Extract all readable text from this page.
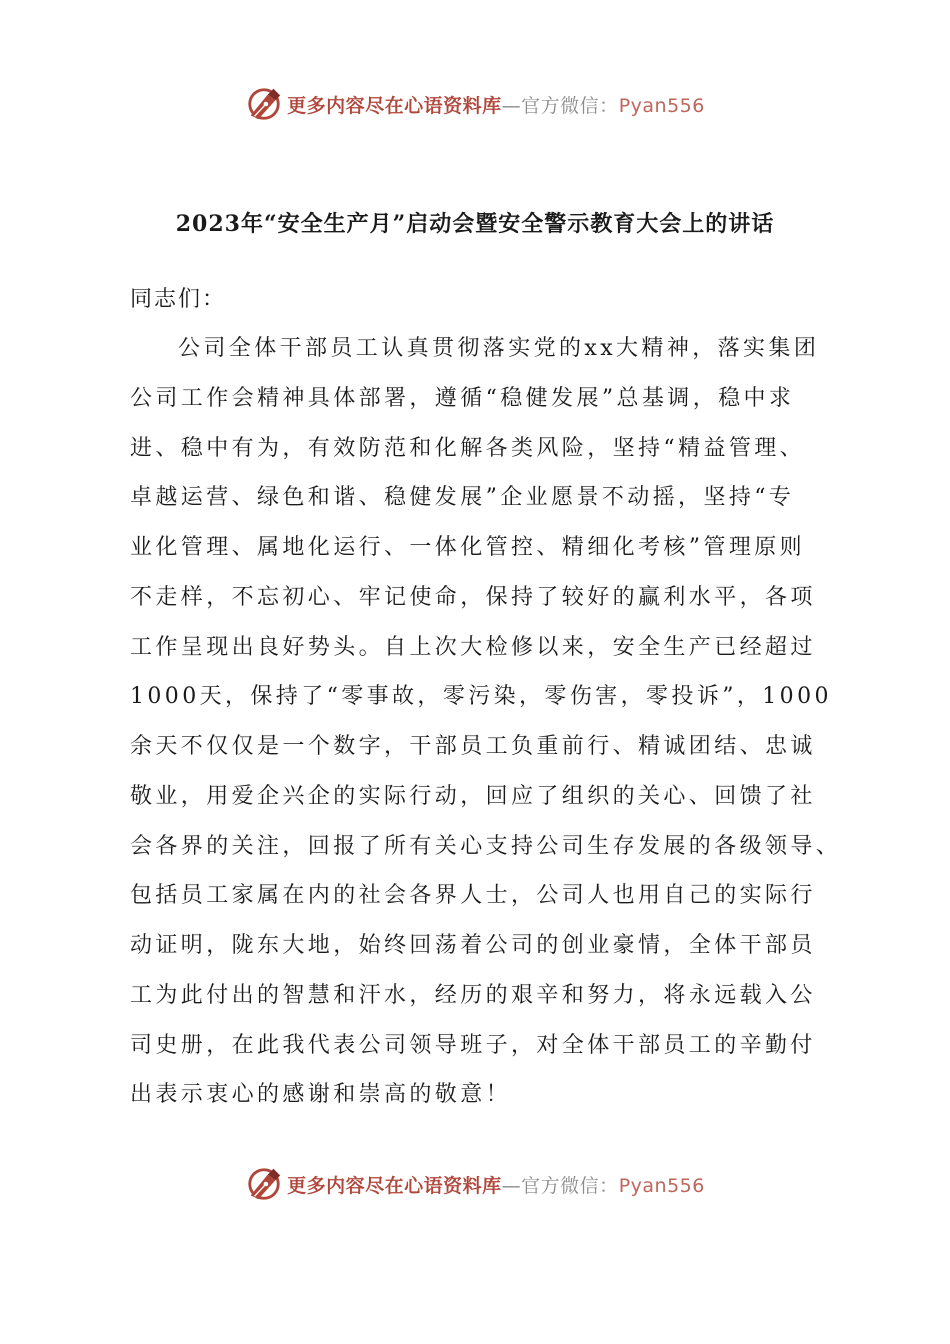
更多内容尽在心语资料库—官方微信：Pyan556
2023年“安全生产月”启动会暨安全警示教育大会上的讲话

同志们：

公司全体干部员工认真贯彻落实党的xx大精神，落实集团
公司工作会精神具体部署，遵循“稳健发展”总基调，稳中求
进、稳中有为，有效防范和化解各类风险，坚持“精益管理、
卓越运营、绿色和谐、稳健发展”企业愿景不动摇，坚持“专
业化管理、属地化运行、一体化管控、精细化考核”管理原则
不走样，不忘初心、牢记使命，保持了较好的赢利水平，各项
工作呈现出良好势头。自上次大检修以来，安全生产已经超过
1000天，保持了“零事故，零污染，零伤害，零投诉”，1000
余天不仅仅是一个数字，干部员工负重前行、精诚团结、忠诚
敬业，用爱企兴企的实际行动，回应了组织的关心、回馈了社
会各界的关注，回报了所有关心支持公司生存发展的各级领导、
包括员工家属在内的社会各界人士，公司人也用自己的实际行
动证明，陇东大地，始终回荡着公司的创业豪情，全体干部员
工为此付出的智慧和汗水，经历的艰辛和努力，将永远载入公
司史册，在此我代表公司领导班子，对全体干部员工的辛勤付
出表示衷心的感谢和崇高的敬意！
更多内容尽在心语资料库—官方微信：Pyan556
